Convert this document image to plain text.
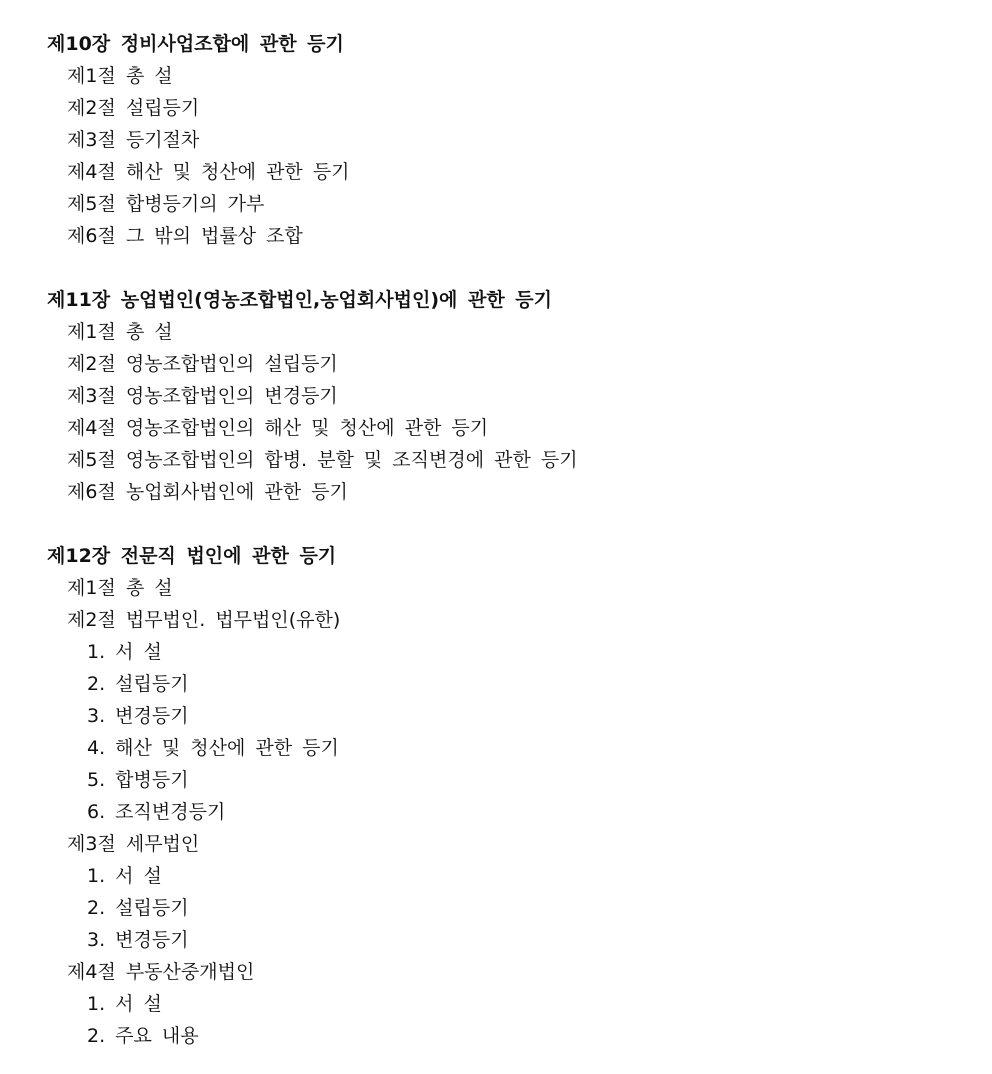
제10장 정비사업조합에 관한 등기
제1절 총 설
제2절 설립등기
제3절 등기절차
제4절 해산 및 청산에 관한 등기
제5절 합병등기의 가부
제6절 그 밖의 법률상 조합
제11장 농업법인(영농조합법인,농업회사법인)에 관한 등기
제1절 총 설
제2절 영농조합법인의 설립등기
제3절 영농조합법인의 변경등기
제4절 영농조합법인의 해산 및 청산에 관한 등기
제5절 영농조합법인의 합병. 분할 및 조직변경에 관한 등기
제6절 농업회사법인에 관한 등기
제12장 전문직 법인에 관한 등기
제1절 총 설
제2절 법무법인. 법무법인(유한)
1. 서 설
2. 설립등기
3. 변경등기
4. 해산 및 청산에 관한 등기
5. 합병등기
6. 조직변경등기
제3절 세무법인
1. 서 설
2. 설립등기
3. 변경등기
제4절 부동산중개법인
1. 서 설
2. 주요 내용
